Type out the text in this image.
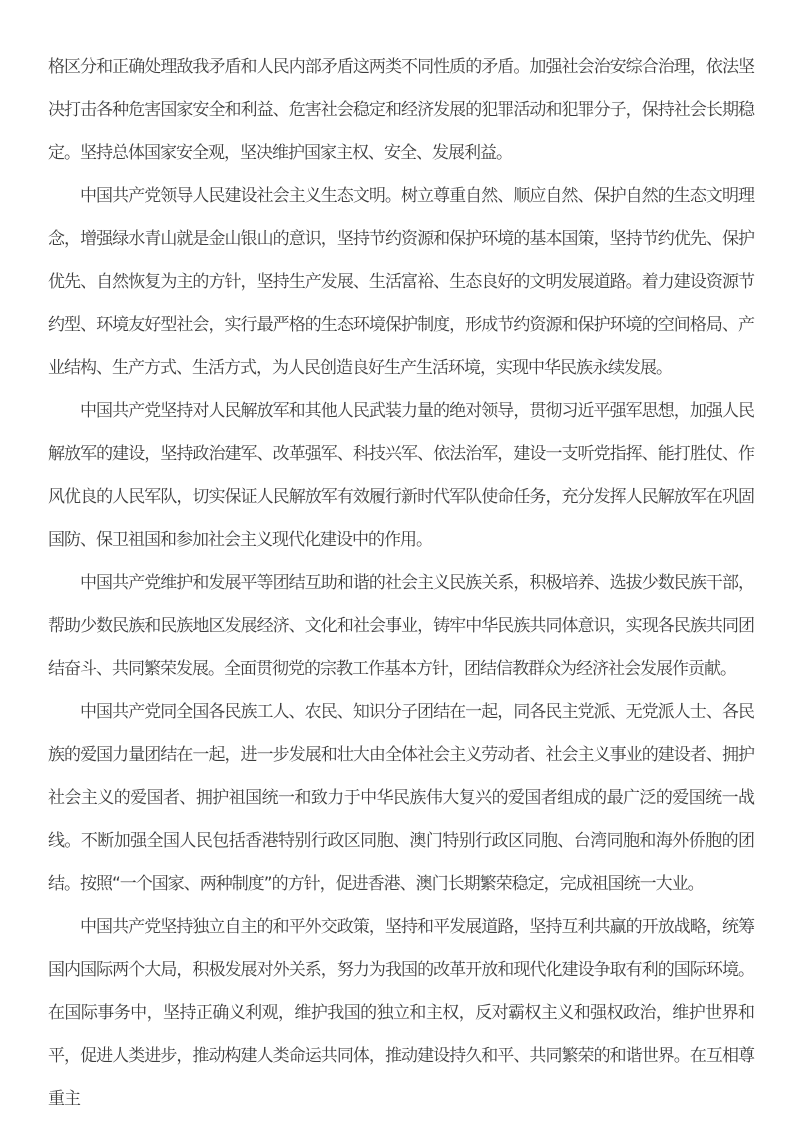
格区分和正确处理敌我矛盾和人民内部矛盾这两类不同性质的矛盾。加强社会治安综合治理，依法坚决打击各种危害国家安全和利益、危害社会稳定和经济发展的犯罪活动和犯罪分子，保持社会长期稳定。坚持总体国家安全观，坚决维护国家主权、安全、发展利益。

中国共产党领导人民建设社会主义生态文明。树立尊重自然、顺应自然、保护自然的生态文明理念，增强绿水青山就是金山银山的意识，坚持节约资源和保护环境的基本国策，坚持节约优先、保护优先、自然恢复为主的方针，坚持生产发展、生活富裕、生态良好的文明发展道路。着力建设资源节约型、环境友好型社会，实行最严格的生态环境保护制度，形成节约资源和保护环境的空间格局、产业结构、生产方式、生活方式，为人民创造良好生产生活环境，实现中华民族永续发展。

中国共产党坚持对人民解放军和其他人民武装力量的绝对领导，贯彻习近平强军思想，加强人民解放军的建设，坚持政治建军、改革强军、科技兴军、依法治军，建设一支听党指挥、能打胜仗、作风优良的人民军队，切实保证人民解放军有效履行新时代军队使命任务，充分发挥人民解放军在巩固国防、保卫祖国和参加社会主义现代化建设中的作用。

中国共产党维护和发展平等团结互助和谐的社会主义民族关系，积极培养、选拔少数民族干部，帮助少数民族和民族地区发展经济、文化和社会事业，铸牢中华民族共同体意识，实现各民族共同团结奋斗、共同繁荣发展。全面贯彻党的宗教工作基本方针，团结信教群众为经济社会发展作贡献。

中国共产党同全国各民族工人、农民、知识分子团结在一起，同各民主党派、无党派人士、各民族的爱国力量团结在一起，进一步发展和壮大由全体社会主义劳动者、社会主义事业的建设者、拥护社会主义的爱国者、拥护祖国统一和致力于中华民族伟大复兴的爱国者组成的最广泛的爱国统一战线。不断加强全国人民包括香港特别行政区同胞、澳门特别行政区同胞、台湾同胞和海外侨胞的团结。按照“一个国家、两种制度”的方针，促进香港、澳门长期繁荣稳定，完成祖国统一大业。

中国共产党坚持独立自主的和平外交政策，坚持和平发展道路，坚持互利共赢的开放战略，统筹国内国际两个大局，积极发展对外关系，努力为我国的改革开放和现代化建设争取有利的国际环境。在国际事务中，坚持正确义利观，维护我国的独立和主权，反对霸权主义和强权政治，维护世界和平，促进人类进步，推动构建人类命运共同体，推动建设持久和平、共同繁荣的和谐世界。在互相尊重主
